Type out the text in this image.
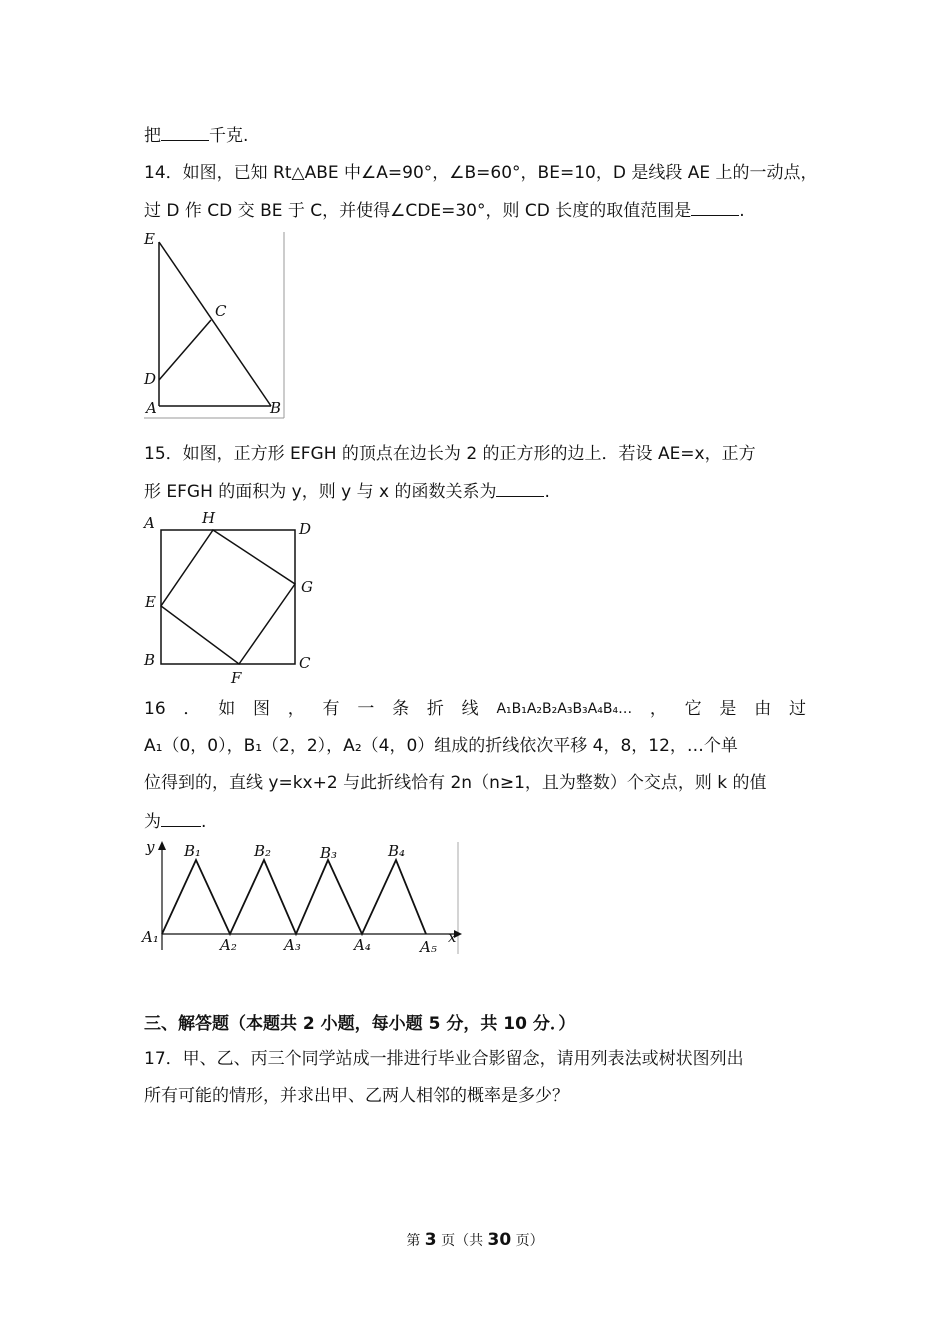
把	千克.
14．如图，已知 Rt△ABE 中∠A=90°，∠B=60°，BE=10，D 是线段 AE 上的一动点，
过 D 作 CD 交 BE 于 C，并使得∠CDE=30°，则 CD 长度的取值范围是	.
E
C
D
A	B
15．如图，正方形 EFGH 的顶点在边长为 2 的正方形的边上．若设 AE=x，正方
形 EFGH 的面积为 y，则 y 与 x 的函数关系为	.
A	H
D
E
G
B
F
C
16 ． 如 图 ， 有 一 条 折 线 A₁B₁A₂B₂A₃B₃A₄B₄… ， 它 是 由 过
A₁（0，0），B₁（2，2），A₂（4，0）组成的折线依次平移 4，8，12，…个单
位得到的，直线 y=kx+2 与此折线恰有 2n（n≥1，且为整数）个交点，则 k 的值
为 .
y
x
B₁	B₂	B₃	B₄
A₁	A₂	A₃	A₄	A₅
三、解答题（本题共 2 小题，每小题 5 分，共 10 分．）
17．甲、乙、丙三个同学站成一排进行毕业合影留念，请用列表法或树状图列出
所有可能的情形，并求出甲、乙两人相邻的概率是多少？
第 3 页（共 30 页）
